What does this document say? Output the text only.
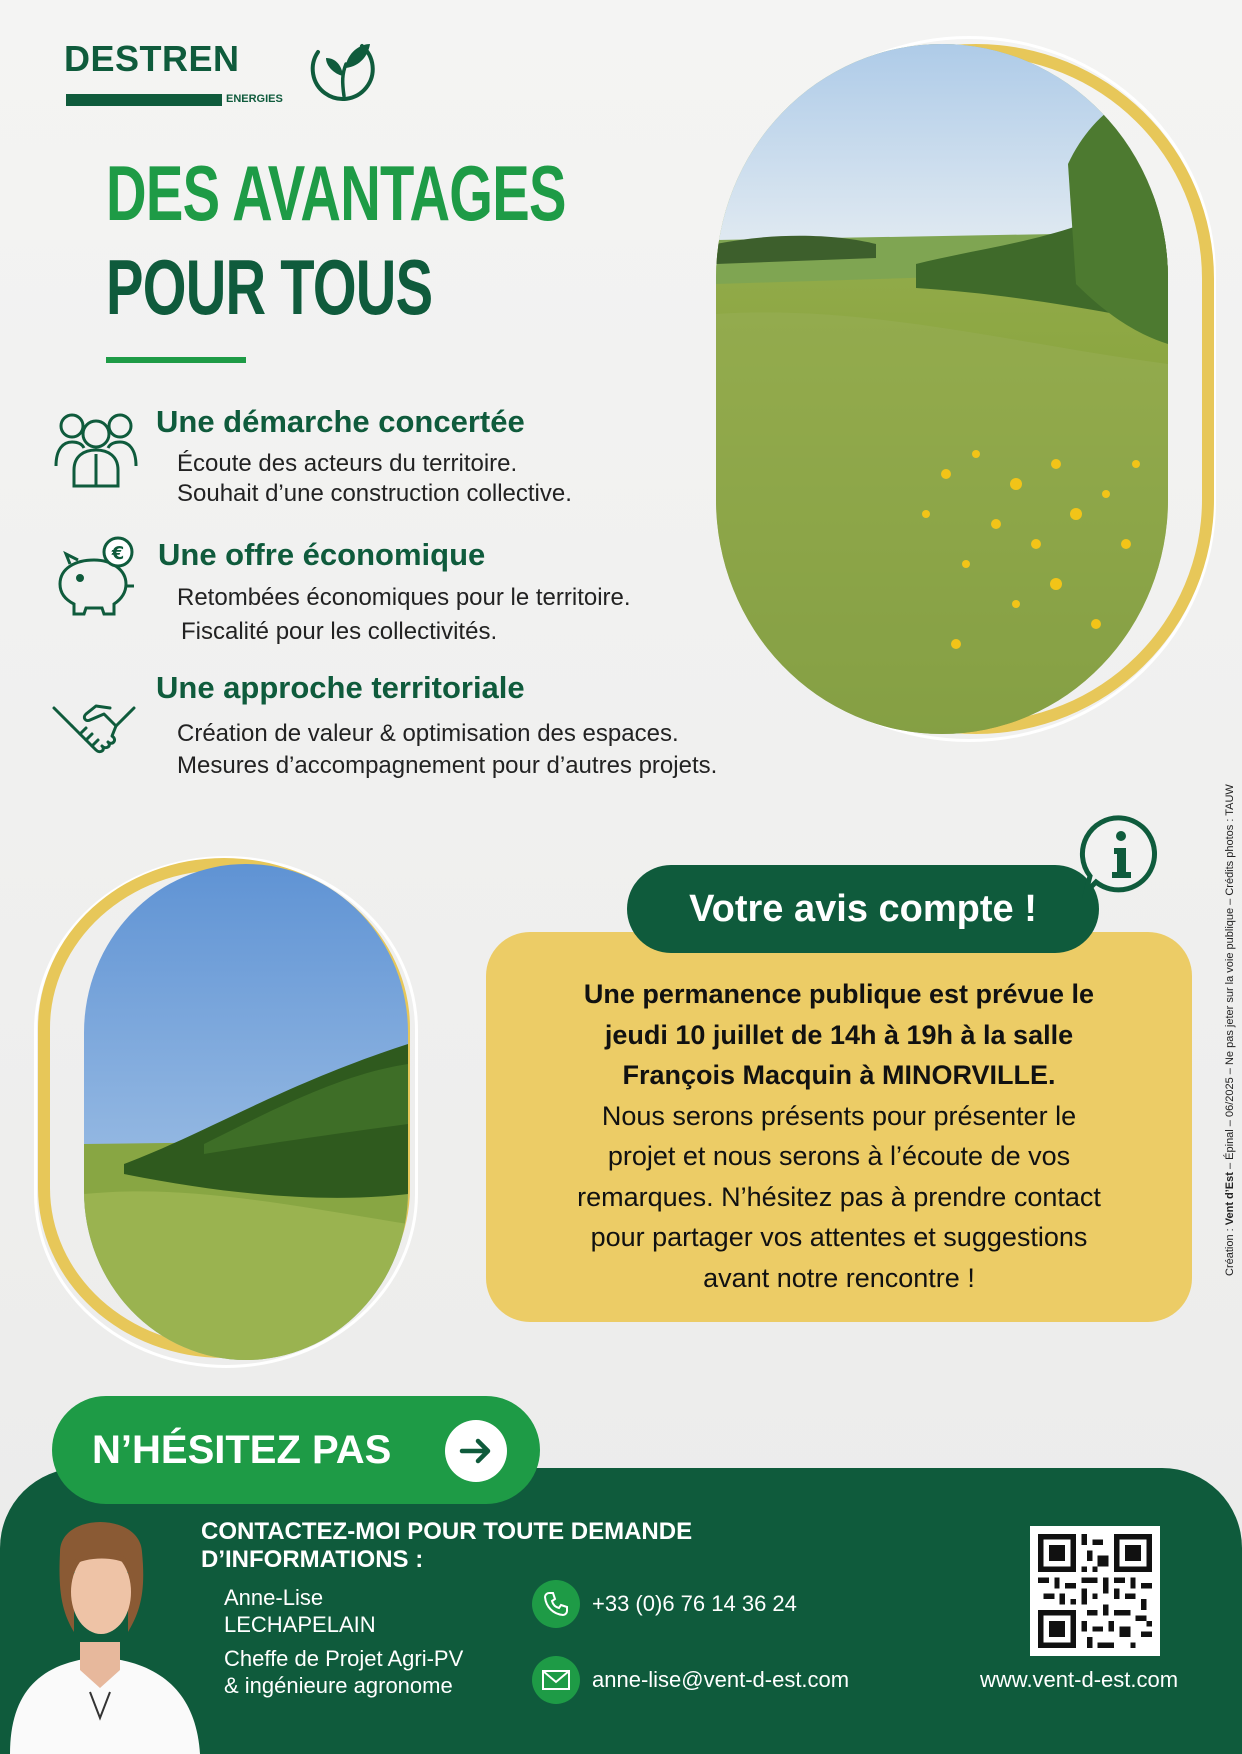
DESTREN
ENERGIES
DES AVANTAGES
POUR TOUS
Une démarche concertée
Écoute des acteurs du territoire.
Souhait d’une construction collective.
€ Une offre économique
Retombées économiques pour le territoire.
Fiscalité pour les collectivités.
Une approche territoriale
Création de valeur & optimisation des espaces.
Mesures d’accompagnement pour d’autres projets.
Une permanence publique est prévue le
jeudi 10 juillet de 14h à 19h à la salle
François Macquin à MINORVILLE.
Nous serons présents pour présenter le
projet et nous serons à l’écoute de vos
remarques. N’hésitez pas à prendre contact
pour partager vos attentes et suggestions
avant notre rencontre !
Votre avis compte !
N’HÉSITEZ PAS
CONTACTEZ-MOI POUR TOUTE DEMANDE
D’INFORMATIONS :
Anne-Lise
LECHAPELAIN
Cheffe de Projet Agri-PV
& ingénieure agronome
+33 (0)6 76 14 36 24
anne-lise@vent-d-est.com	www.vent-d-est.com
Création : Vent d’Est – Épinal – 06/2025 – Ne pas jeter sur la voie publique – Crédits photos : TAUW
